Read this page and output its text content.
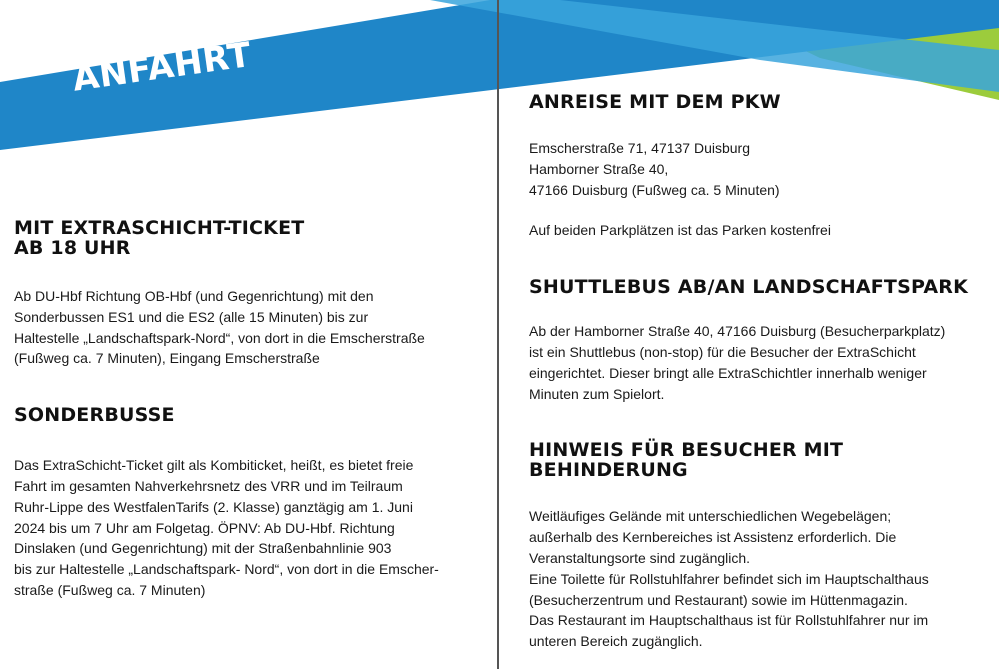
ANFAHRT
MIT EXTRASCHICHT-TICKET
AB 18 UHR

Ab DU-Hbf Richtung OB-Hbf (und Gegenrichtung) mit den
Sonderbussen ES1 und die ES2 (alle 15 Minuten) bis zur
Haltestelle „Landschaftspark-Nord“, von dort in die Emscherstraße
(Fußweg ca. 7 Minuten), Eingang Emscherstraße

SONDERBUSSE

Das ExtraSchicht-Ticket gilt als Kombiticket, heißt, es bietet freie
Fahrt im gesamten Nahverkehrsnetz des VRR und im Teilraum
Ruhr-Lippe des WestfalenTarifs (2. Klasse) ganztägig am 1. Juni
2024 bis um 7 Uhr am Folgetag. ÖPNV: Ab DU-Hbf. Richtung
Dinslaken (und Gegenrichtung) mit der Straßenbahnlinie 903
bis zur Haltestelle „Landschaftspark- Nord“, von dort in die Emscher-
straße (Fußweg ca. 7 Minuten)

ANREISE MIT DEM PKW

Emscherstraße 71, 47137 Duisburg
Hamborner Straße 40,
47166 Duisburg (Fußweg ca. 5 Minuten)

Auf beiden Parkplätzen ist das Parken kostenfrei

SHUTTLEBUS AB/AN LANDSCHAFTSPARK

Ab der Hamborner Straße 40, 47166 Duisburg (Besucherparkplatz)
ist ein Shuttlebus (non-stop) für die Besucher der ExtraSchicht
eingerichtet. Dieser bringt alle ExtraSchichtler innerhalb weniger
Minuten zum Spielort.

HINWEIS FÜR BESUCHER MIT
BEHINDERUNG

Weitläufiges Gelände mit unterschiedlichen Wegebelägen;
außerhalb des Kernbereiches ist Assistenz erforderlich. Die
Veranstaltungsorte sind zugänglich.
Eine Toilette für Rollstuhlfahrer befindet sich im Hauptschalthaus
(Besucherzentrum und Restaurant) sowie im Hüttenmagazin.
Das Restaurant im Hauptschalthaus ist für Rollstuhlfahrer nur im
unteren Bereich zugänglich.
